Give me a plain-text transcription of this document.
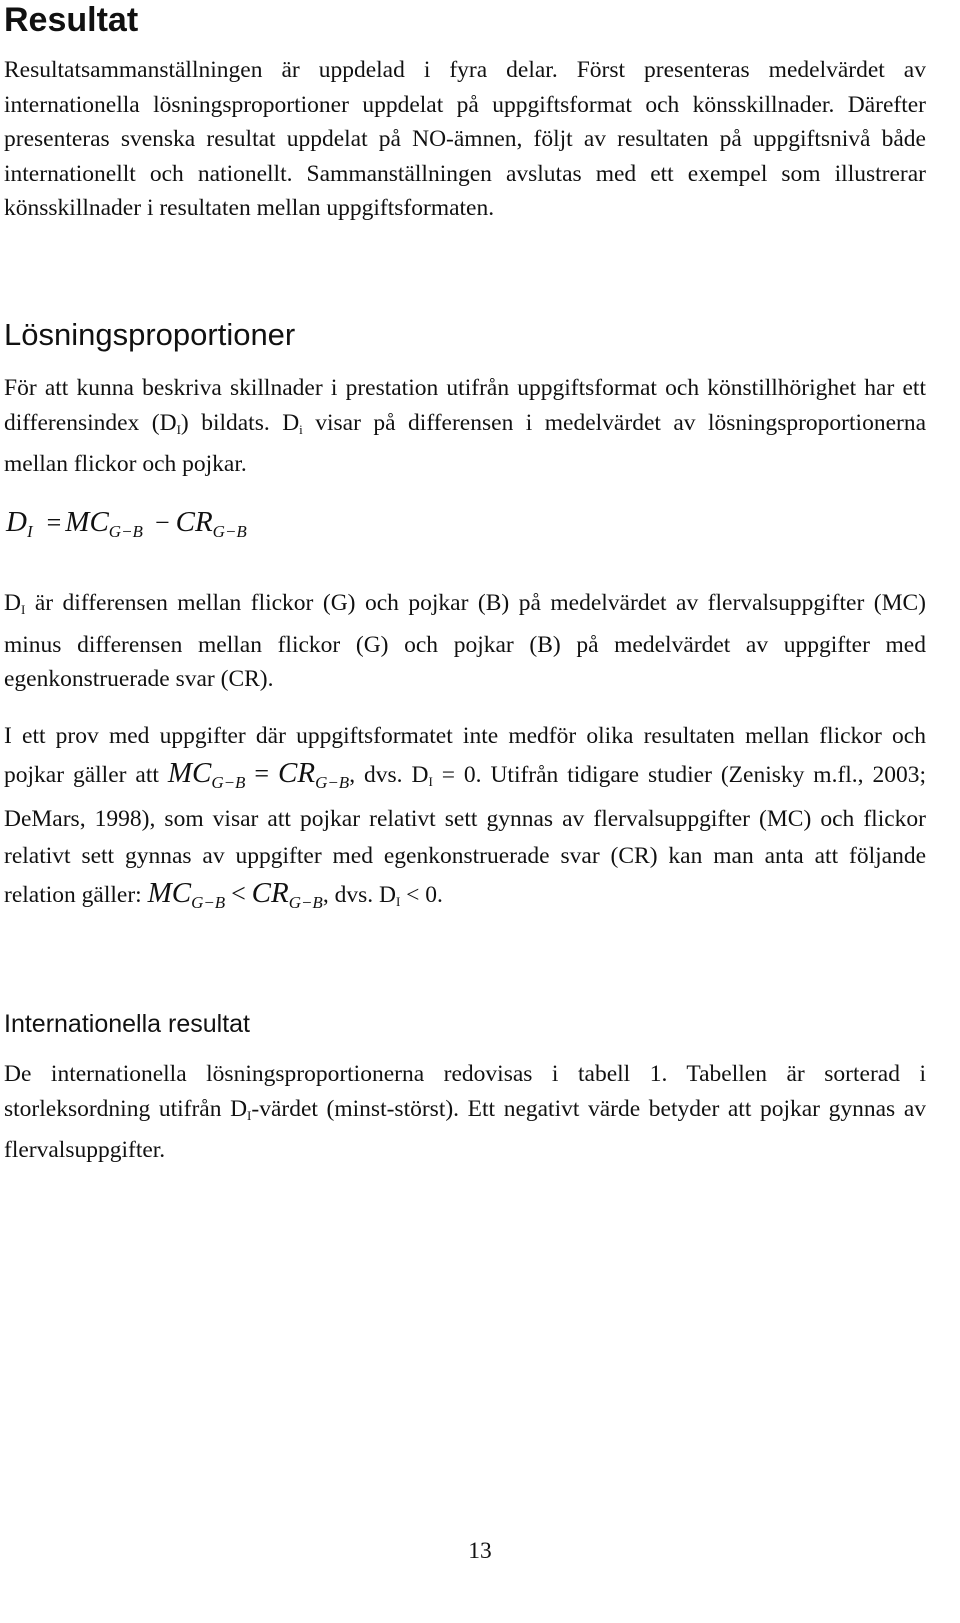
Resultat

Resultatsammanställningen är uppdelad i fyra delar. Först presenteras medelvärdet av internationella lösningsproportioner uppdelat på uppgiftsformat och könsskillnader. Därefter presenteras svenska resultat uppdelat på NO-ämnen, följt av resultaten på uppgiftsnivå både internationellt och nationellt. Sammanställningen avslutas med ett exempel som illustrerar könsskillnader i resultaten mellan uppgiftsformaten.

Lösningsproportioner

För att kunna beskriva skillnader i prestation utifrån uppgiftsformat och könstillhörighet har ett differensindex $(D_I)$ bildats. $D_i$ visar på differensen i medelvärdet av lösningsproportionerna mellan flickor och pojkar.

DI = MCG−B − CRG−B

$D_I$ är differensen mellan flickor (G) och pojkar (B) på medelvärdet av flervalsuppgifter (MC) minus differensen mellan flickor (G) och pojkar (B) på medelvärdet av uppgifter med egenkonstruerade svar (CR).

I ett prov med uppgifter där uppgiftsformatet inte medför olika resultaten mellan flickor och pojkar gäller att $MC_{G-B} = CR_{G-B}$, dvs. $D_I = 0$. Utifrån tidigare studier (Zenisky m.fl., 2003; DeMars, 1998), som visar att pojkar relativt sett gynnas av flervalsuppgifter (MC) och flickor relativt sett gynnas av uppgifter med egenkonstruerade svar (CR) kan man anta att följande relation gäller: $MC_{G-B} < CR_{G-B}$, dvs. $D_I < 0$.

Internationella resultat

De internationella lösningsproportionerna redovisas i tabell 1. Tabellen är sorterad i storleksordning utifrån $D_I$-värdet (minst-störst). Ett negativt värde betyder att pojkar gynnas av flervalsuppgifter.

13
